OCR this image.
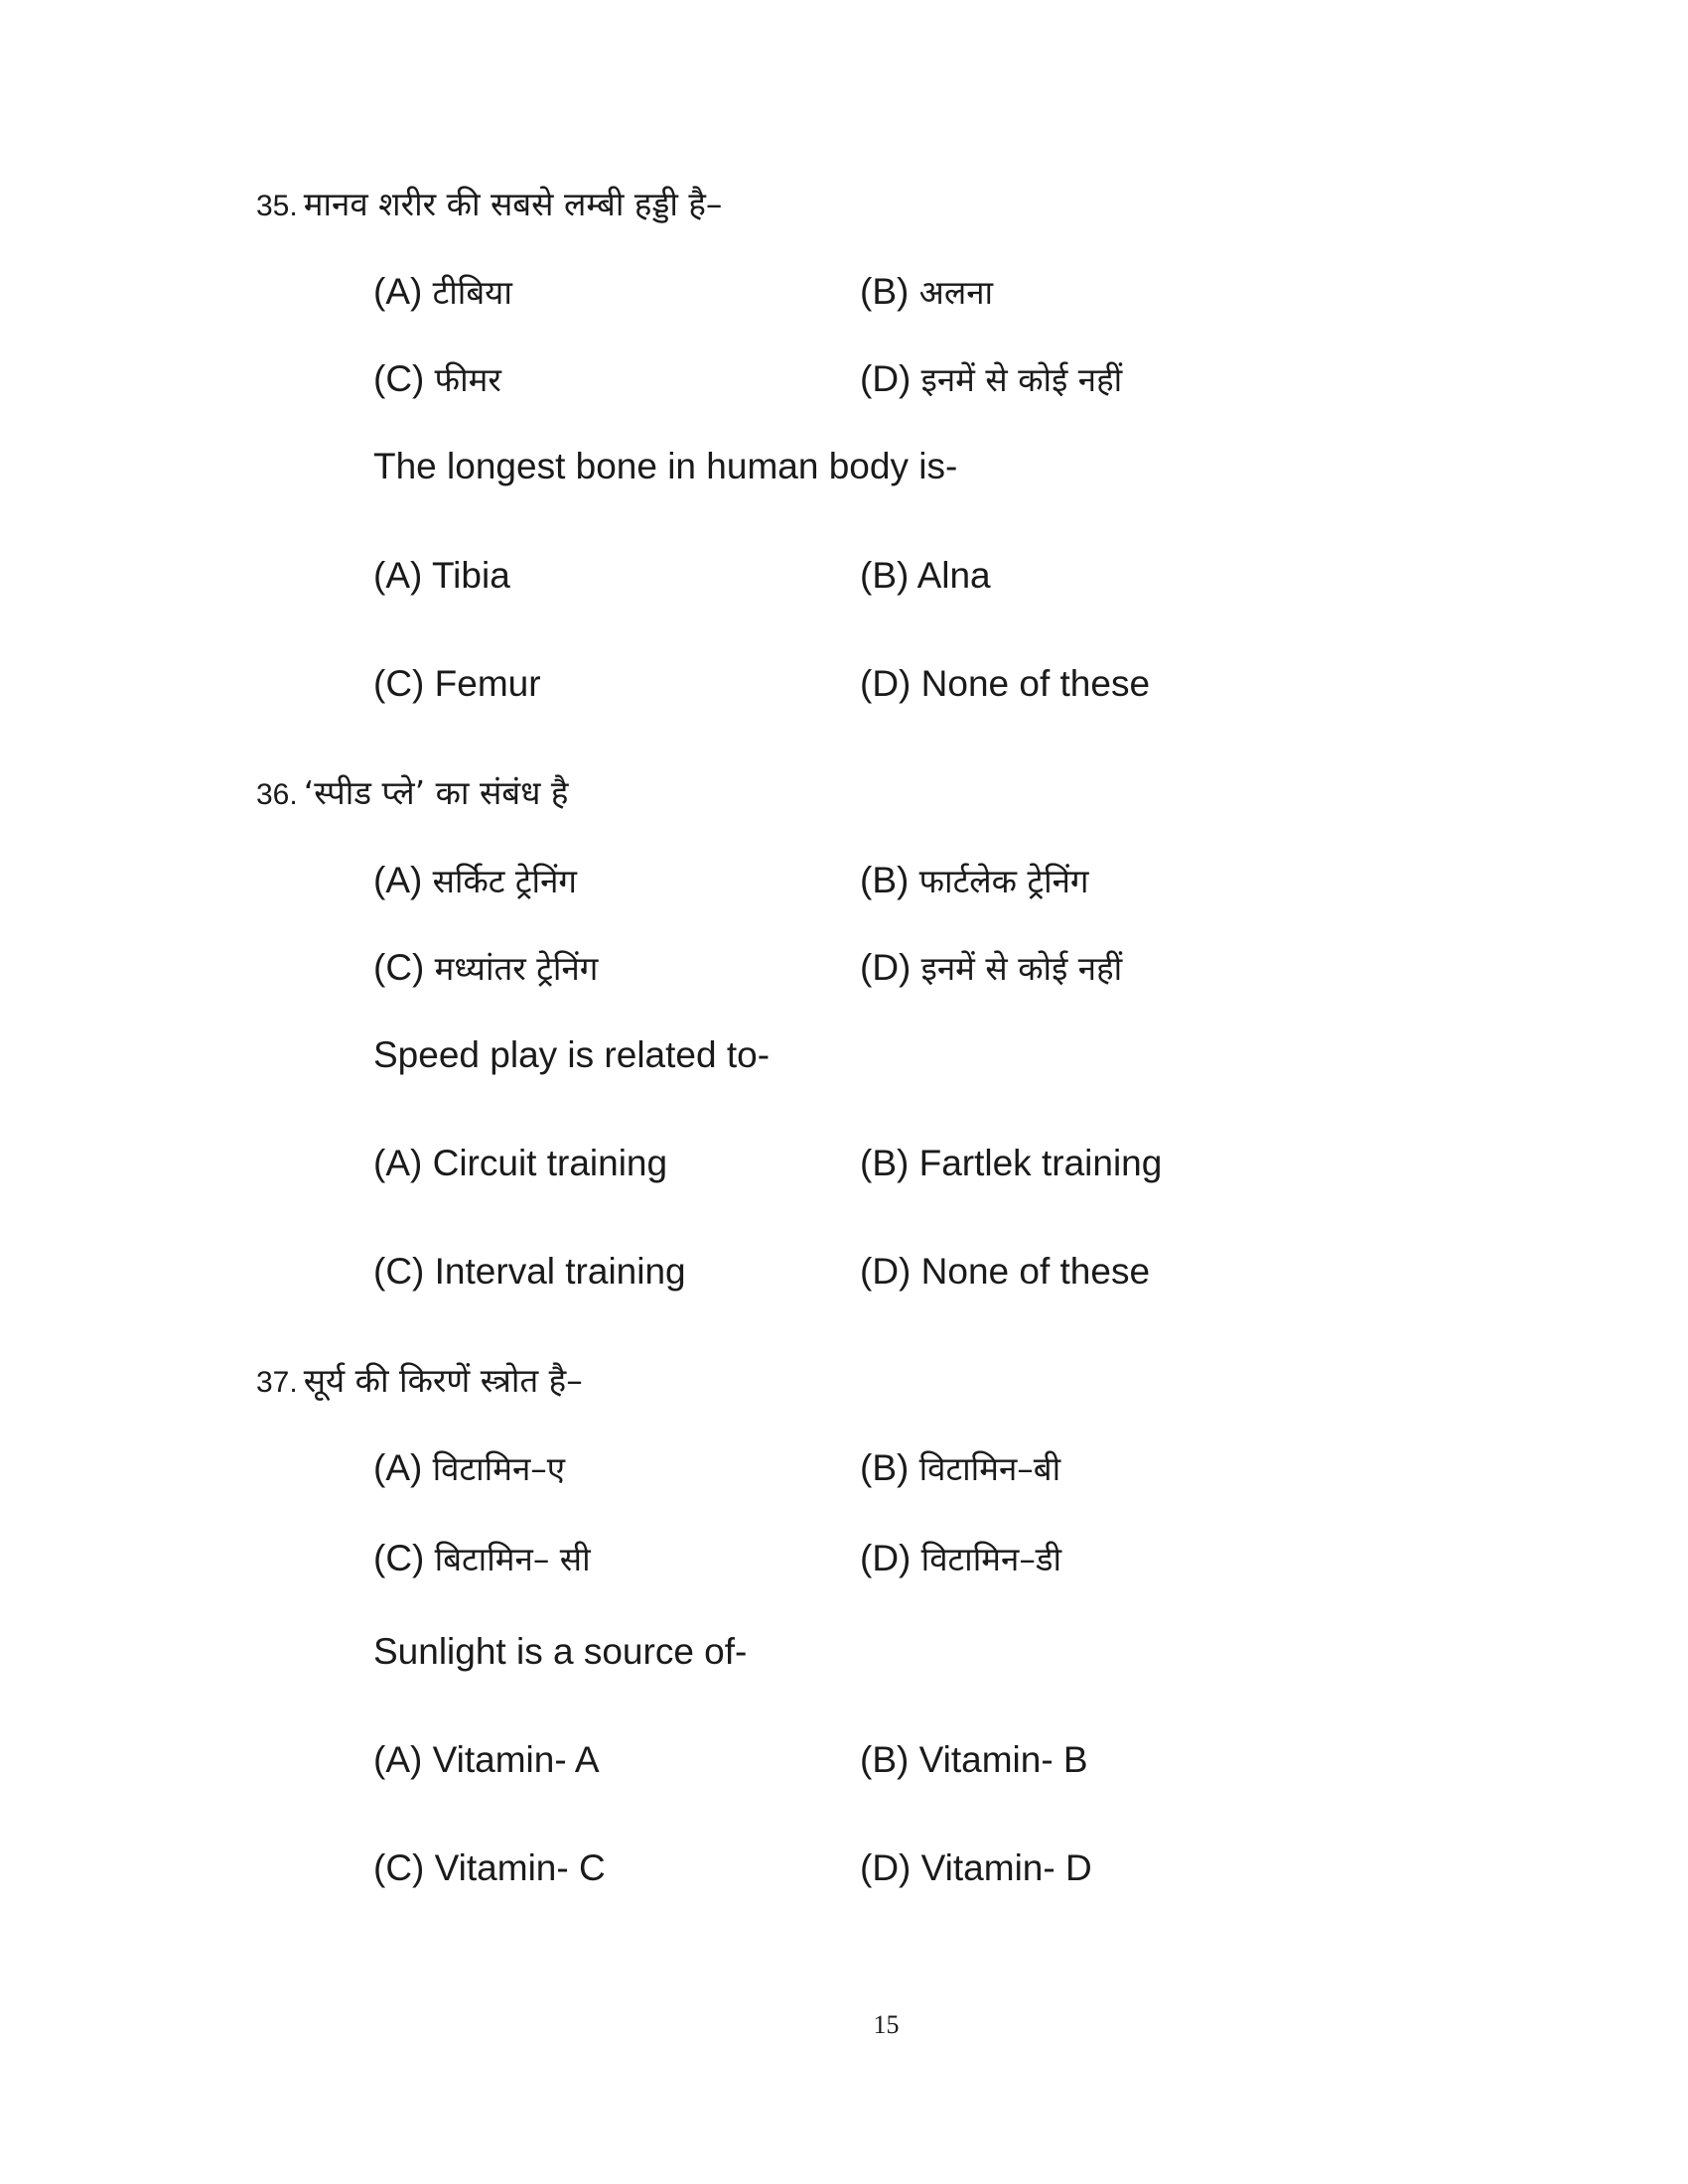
35. मानव शरीर की सबसे लम्बी हड्डी है–
(A) टीबिया	(B) अलना
(C) फीमर	(D) इनमें से कोई नहीं
The longest bone in human body is-
(A) Tibia	(B) Alna
(C) Femur	(D) None of these
36. ‘स्पीड प्ले’ का संबंध है
(A) सर्किट ट्रेनिंग	(B) फार्टलेक ट्रेनिंग
(C) मध्यांतर ट्रेनिंग	(D) इनमें से कोई नहीं
Speed play is related to-
(A) Circuit training	(B) Fartlek training
(C) Interval training	(D) None of these
37. सूर्य की किरणें स्त्रोत है–
(A) विटामिन–ए	(B) विटामिन–बी
(C) बिटामिन– सी	(D) विटामिन–डी
Sunlight is a source of-
(A) Vitamin- A	(B) Vitamin- B
(C) Vitamin- C	(D) Vitamin- D
15
